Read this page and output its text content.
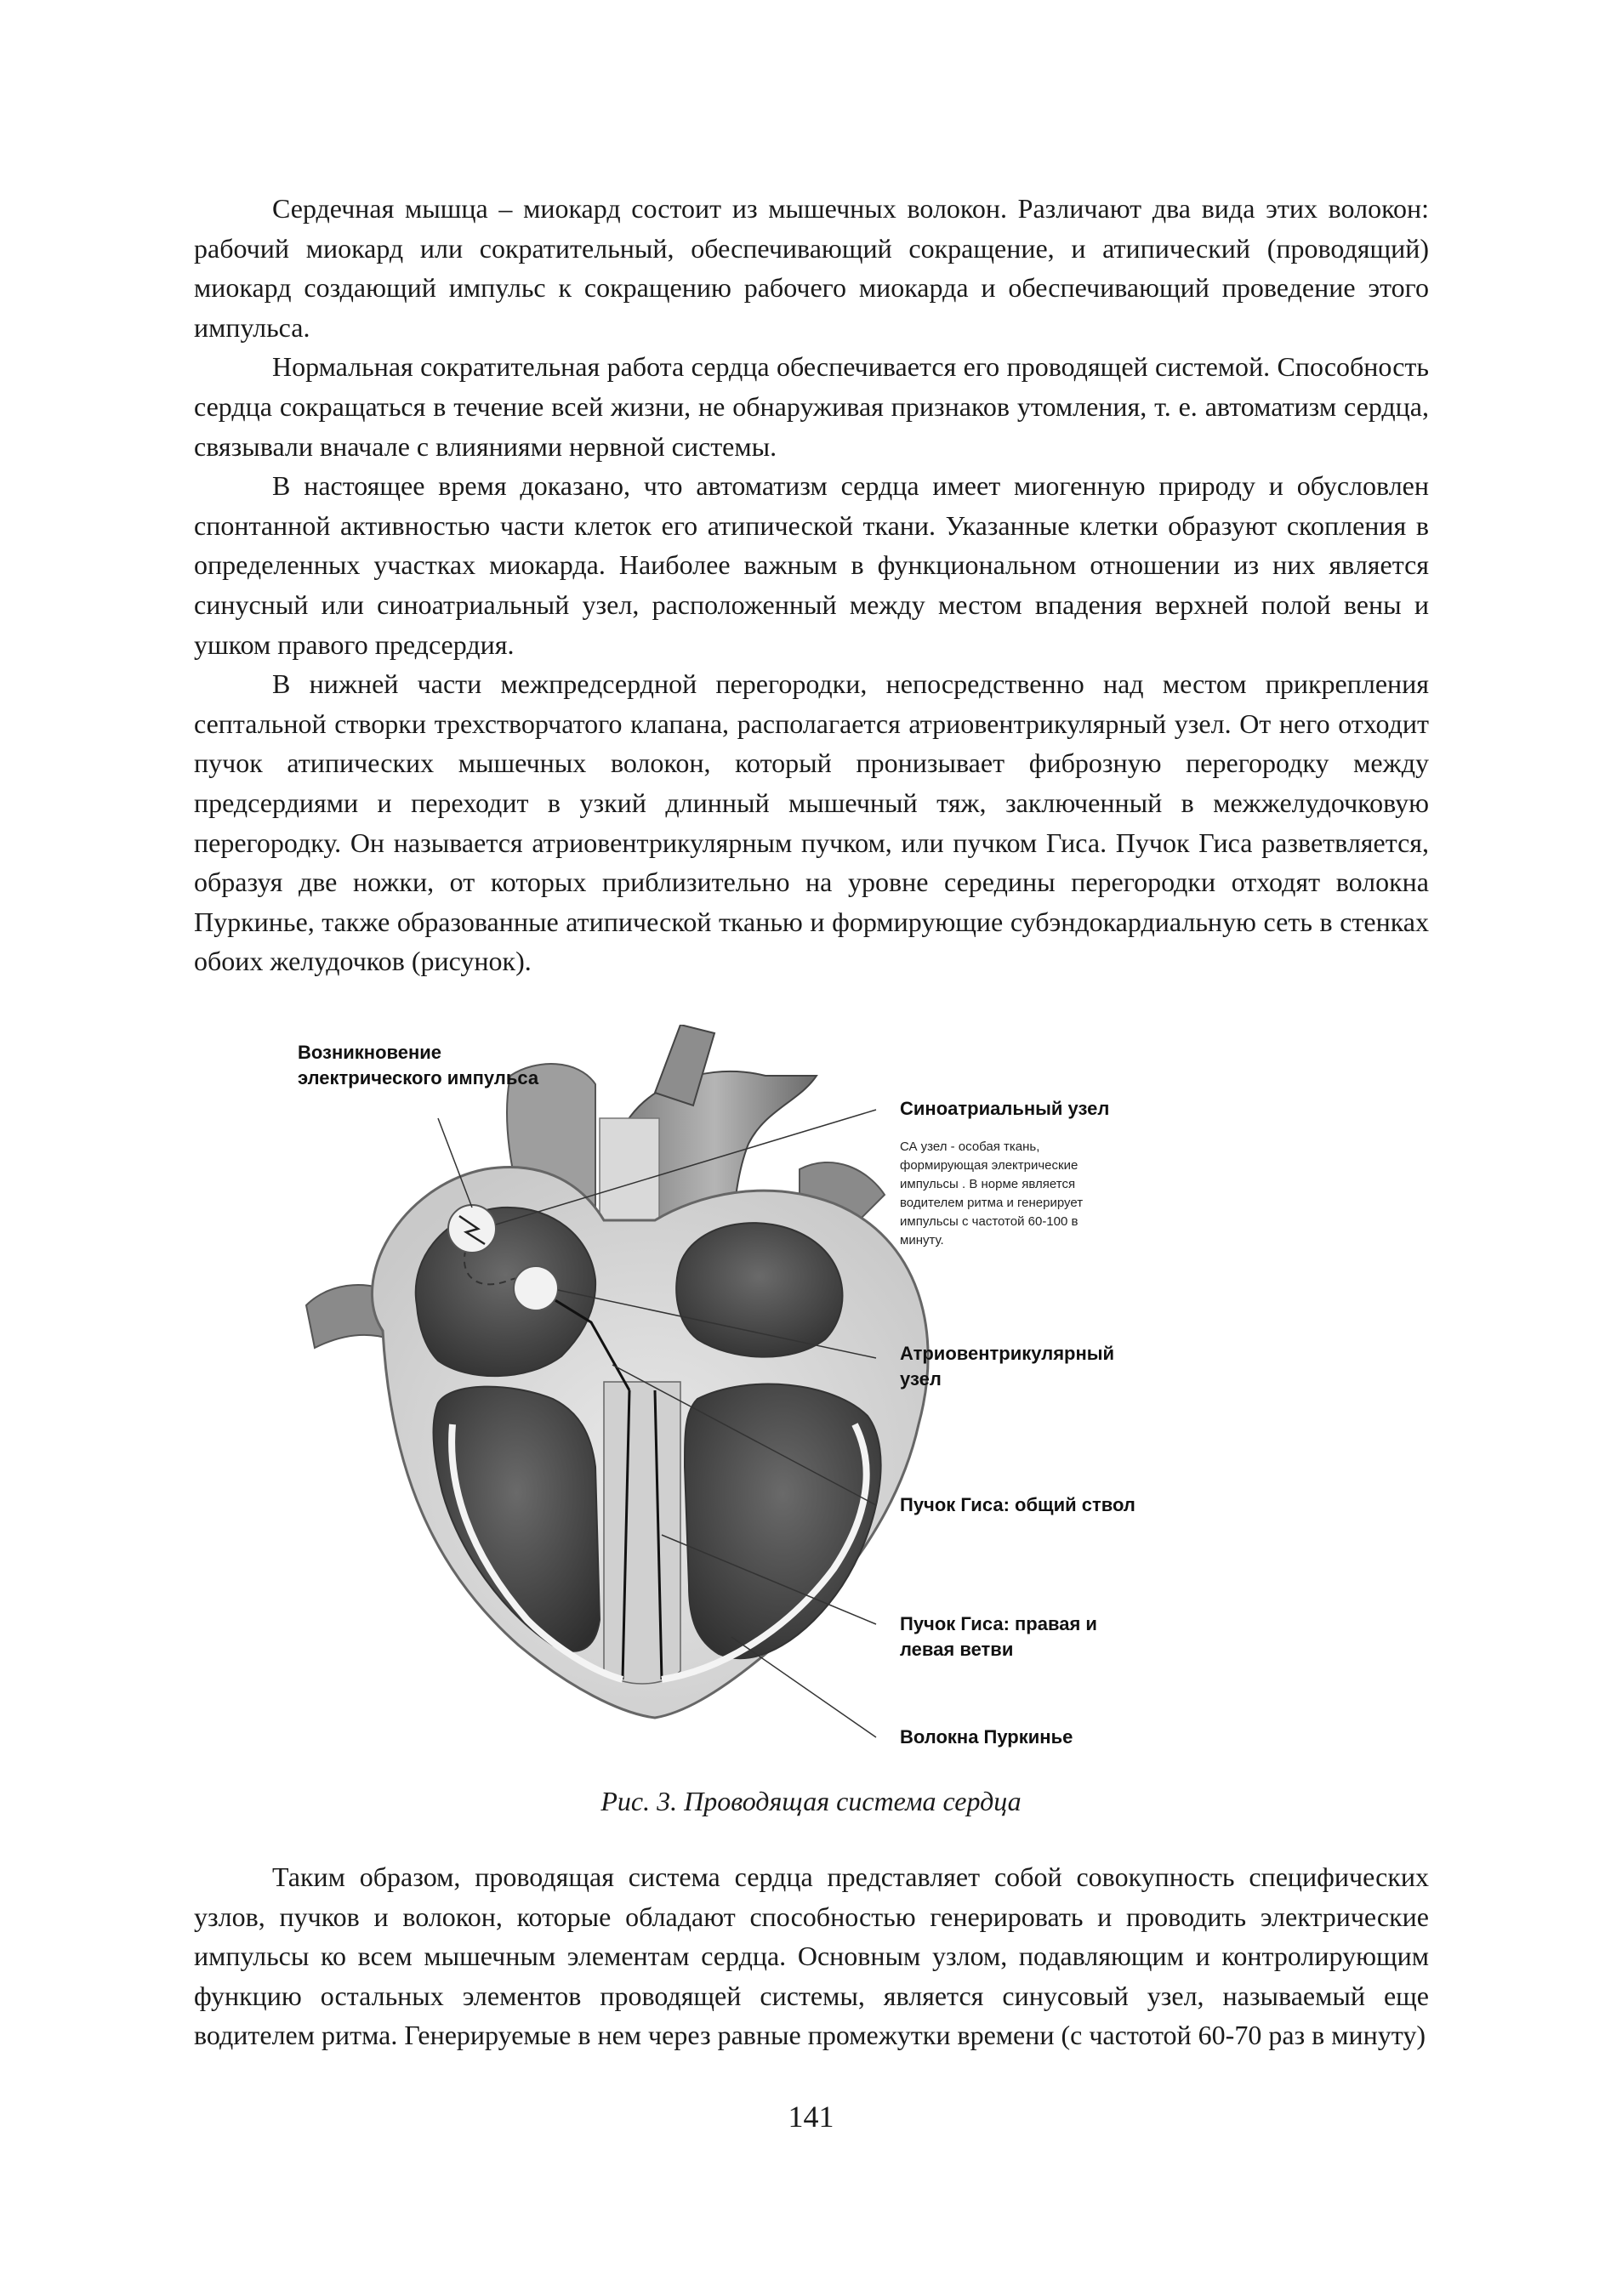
Сердечная мышца – миокард состоит из мышечных волокон. Различают два вида этих волокон: рабочий миокард или сократительный, обеспечивающий сокращение, и атипический (проводящий) миокард создающий импульс к сокращению рабочего миокарда и обеспечивающий проведение этого импульса.

Нормальная сократительная работа сердца обеспечивается его проводящей системой. Способность сердца сокращаться в течение всей жизни, не обнаруживая признаков утомления, т. е. автоматизм сердца, связывали вначале с влияниями нервной системы.

В настоящее время доказано, что автоматизм сердца имеет миогенную природу и обусловлен спонтанной активностью части клеток его атипической ткани. Указанные клетки образуют скопления в определенных участках миокарда. Наиболее важным в функциональном отношении из них является синусный или синоатриальный узел, расположенный между местом впадения верхней полой вены и ушком правого предсердия.

В нижней части межпредсердной перегородки, непосредственно над местом прикрепления септальной створки трехстворчатого клапана, располагается атриовентрикулярный узел. От него отходит пучок атипических мышечных волокон, который пронизывает фиброзную перегородку между предсердиями и переходит в узкий длинный мышечный тяж, заключенный в межжелудочковую перегородку. Он называется атриовентрикулярным пучком, или пучком Гиса. Пучок Гиса разветвляется, образуя две ножки, от которых приблизительно на уровне середины перегородки отходят волокна Пуркинье, также образованные атипической тканью и формирующие субэндокардиальную сеть в стенках обоих желудочков (рисунок).

Возникновение
электрического импульса
Синоатриальный узел
СА узел - особая ткань,
формирующая электрические
импульсы . В норме является
водителем ритма и генерирует
импульсы с частотой 60-100 в
минуту.
Атриовентрикулярный
узел
Пучок Гиса: общий ствол
Пучок Гиса: правая и
левая ветви
Волокна Пуркинье
Рис. 3. Проводящая система сердца

Таким образом, проводящая система сердца представляет собой совокупность специфических узлов, пучков и волокон, которые обладают способностью генерировать и проводить электрические импульсы ко всем мышечным элементам сердца. Основным узлом, подавляющим и контролирующим функцию остальных элементов проводящей системы, является синусовый узел, называемый еще водителем ритма. Генерируемые в нем через равные промежутки времени (с частотой 60-70 раз в минуту)

141
